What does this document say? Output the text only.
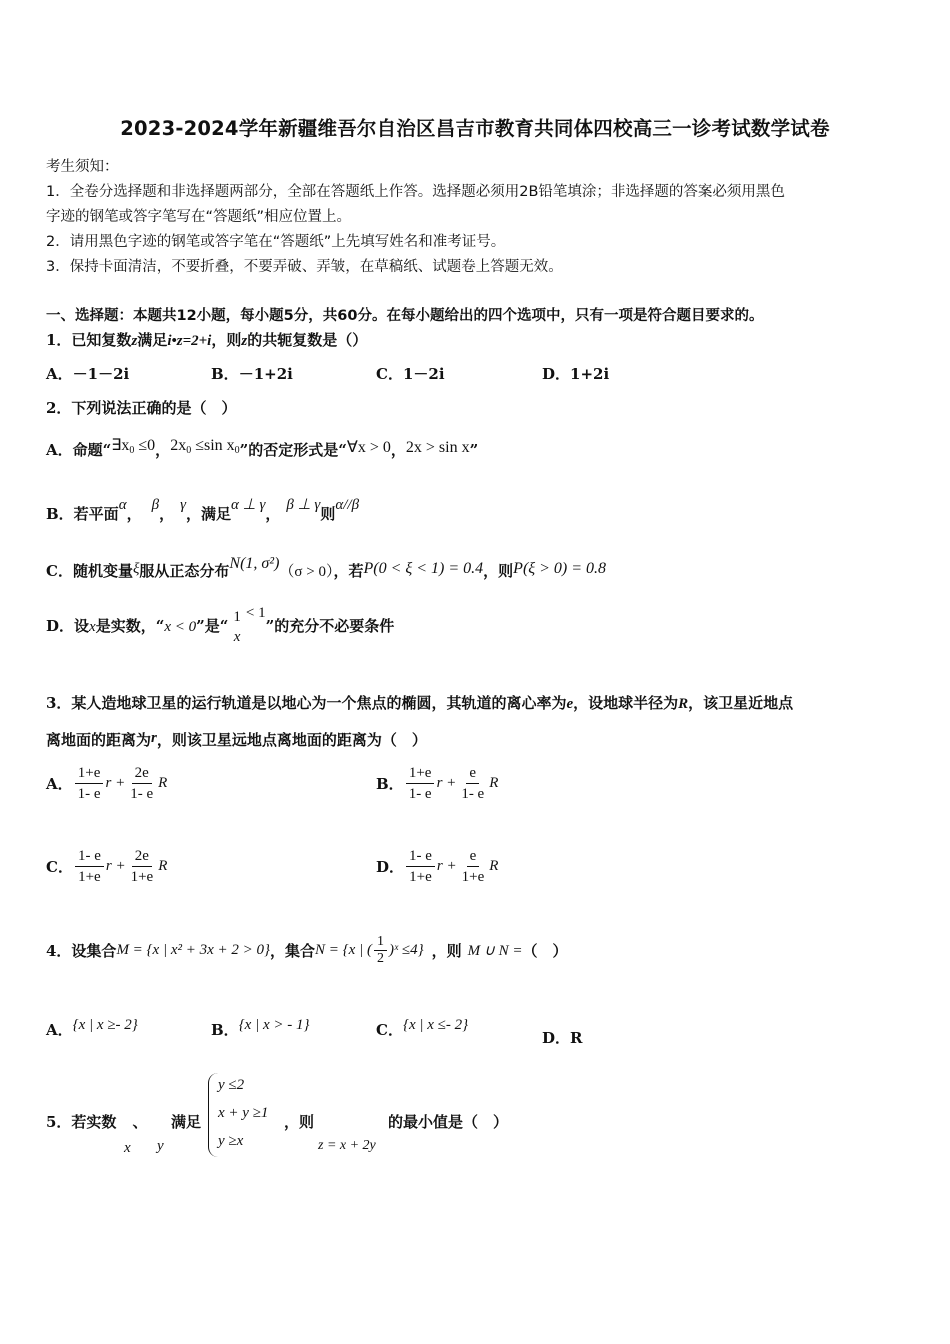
2023-2024学年新疆维吾尔自治区昌吉市教育共同体四校高三一诊考试数学试卷
考生须知：
1．全卷分选择题和非选择题两部分，全部在答题纸上作答。选择题必须用2B铅笔填涂；非选择题的答案必须用黑色
字迹的钢笔或答字笔写在“答题纸”相应位置上。
2．请用黑色字迹的钢笔或答字笔在“答题纸”上先填写姓名和准考证号。
3．保持卡面清洁，不要折叠，不要弄破、弄皱，在草稿纸、试题卷上答题无效。
一、选择题：本题共12小题，每小题5分，共60分。在每小题给出的四个选项中，只有一项是符合题目要求的。
1．已知复数z满足i•z=2+i，则z的共轭复数是（）
A．－1－2i	B．－1+2i	C．1－2i	D．1+2i
2．下列说法正确的是（　）
A．命题“$\exists x_0 \le 0$，$2x_0 \le\sin$ $x_0$”的否定形式是“∀x > 0，2x > sin x”
B．若平面α， β， γ，满足α ⊥ γ， β ⊥ γ则α//β
C．随机变量ξ服从正态分布N(1, σ²)（σ > 0），若P(0 < ξ < 1) = 0.4，则P(ξ > 0) = 0.8
D．设x是实数，“x < 0”是“ 1
x
< 1”的充分不必要条件
3．某人造地球卫星的运行轨道是以地心为一个焦点的椭圆，其轨道的离心率为e，设地球半径为R，该卫星近地点
离地面的距离为r，则该卫星远地点离地面的距离为（　）
A． $\frac{1+e}{1- e}$ $r + \frac{2e}{1- e}$ R	B． $\frac{1+e}{1- e}$ $r + \frac{e}{1- e}$ R
C． $\frac{1- e}{1+e}$ $r + \frac{2e}{1+e}$ R	D． $\frac{1- e}{1+e}$ $r + \frac{e}{1+e}$ R
4．设集合M = {x | x² + 3x + 2 > 0}，集合N = {x | ( $\frac{1}{2}$ )ˣ ≤4} ，则 M ∪ N =（　）
A．{x | x ≥- 2}	B．{x | x > - 1}	C．{x | x ≤- 2}
D．R
5．若实数 、 满足
x y
y ≤2
x + y ≥1
y ≥x
，则	的最小值是（　）
z = x + 2y
